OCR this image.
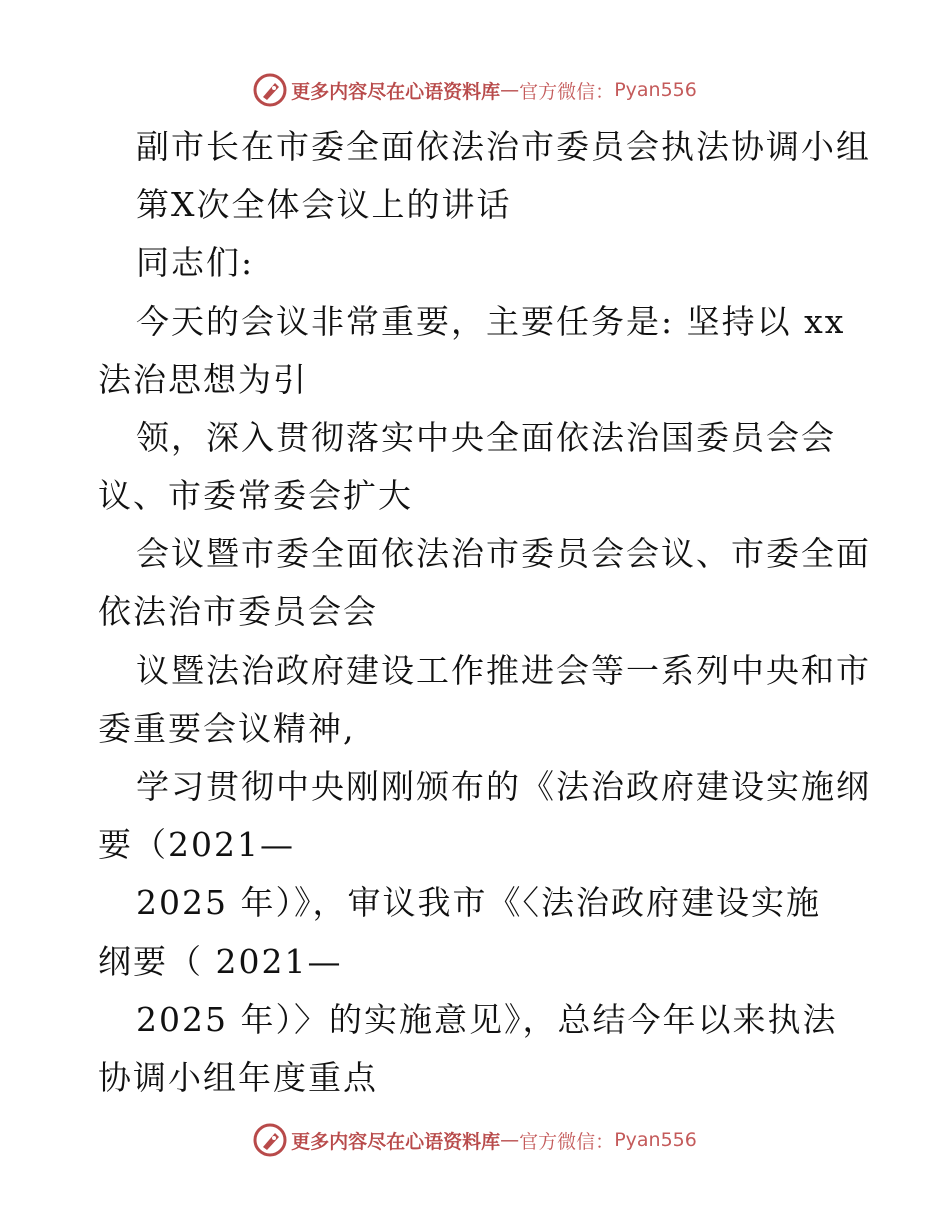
更多内容尽在心语资料库 — 官方微信： Pyan556
副市长在市委全面依法治市委员会执法协调小组
第X次全体会议上的讲话
同志们:
今天的会议非常重要，主要任务是: 坚持以 xx
法治思想为引
领，深入贯彻落实中央全面依法治国委员会会
议、市委常委会扩大
会议暨市委全面依法治市委员会会议、市委全面
依法治市委员会会
议暨法治政府建设工作推进会等一系列中央和市
委重要会议精神,
学习贯彻中央刚刚颁布的《法治政府建设实施纲
要（2021—
2025 年）》，审议我市《〈法治政府建设实施
纲要（ 2021—
2025 年）〉的实施意见》，总结今年以来执法
协调小组年度重点
更多内容尽在心语资料库 — 官方微信： Pyan556
